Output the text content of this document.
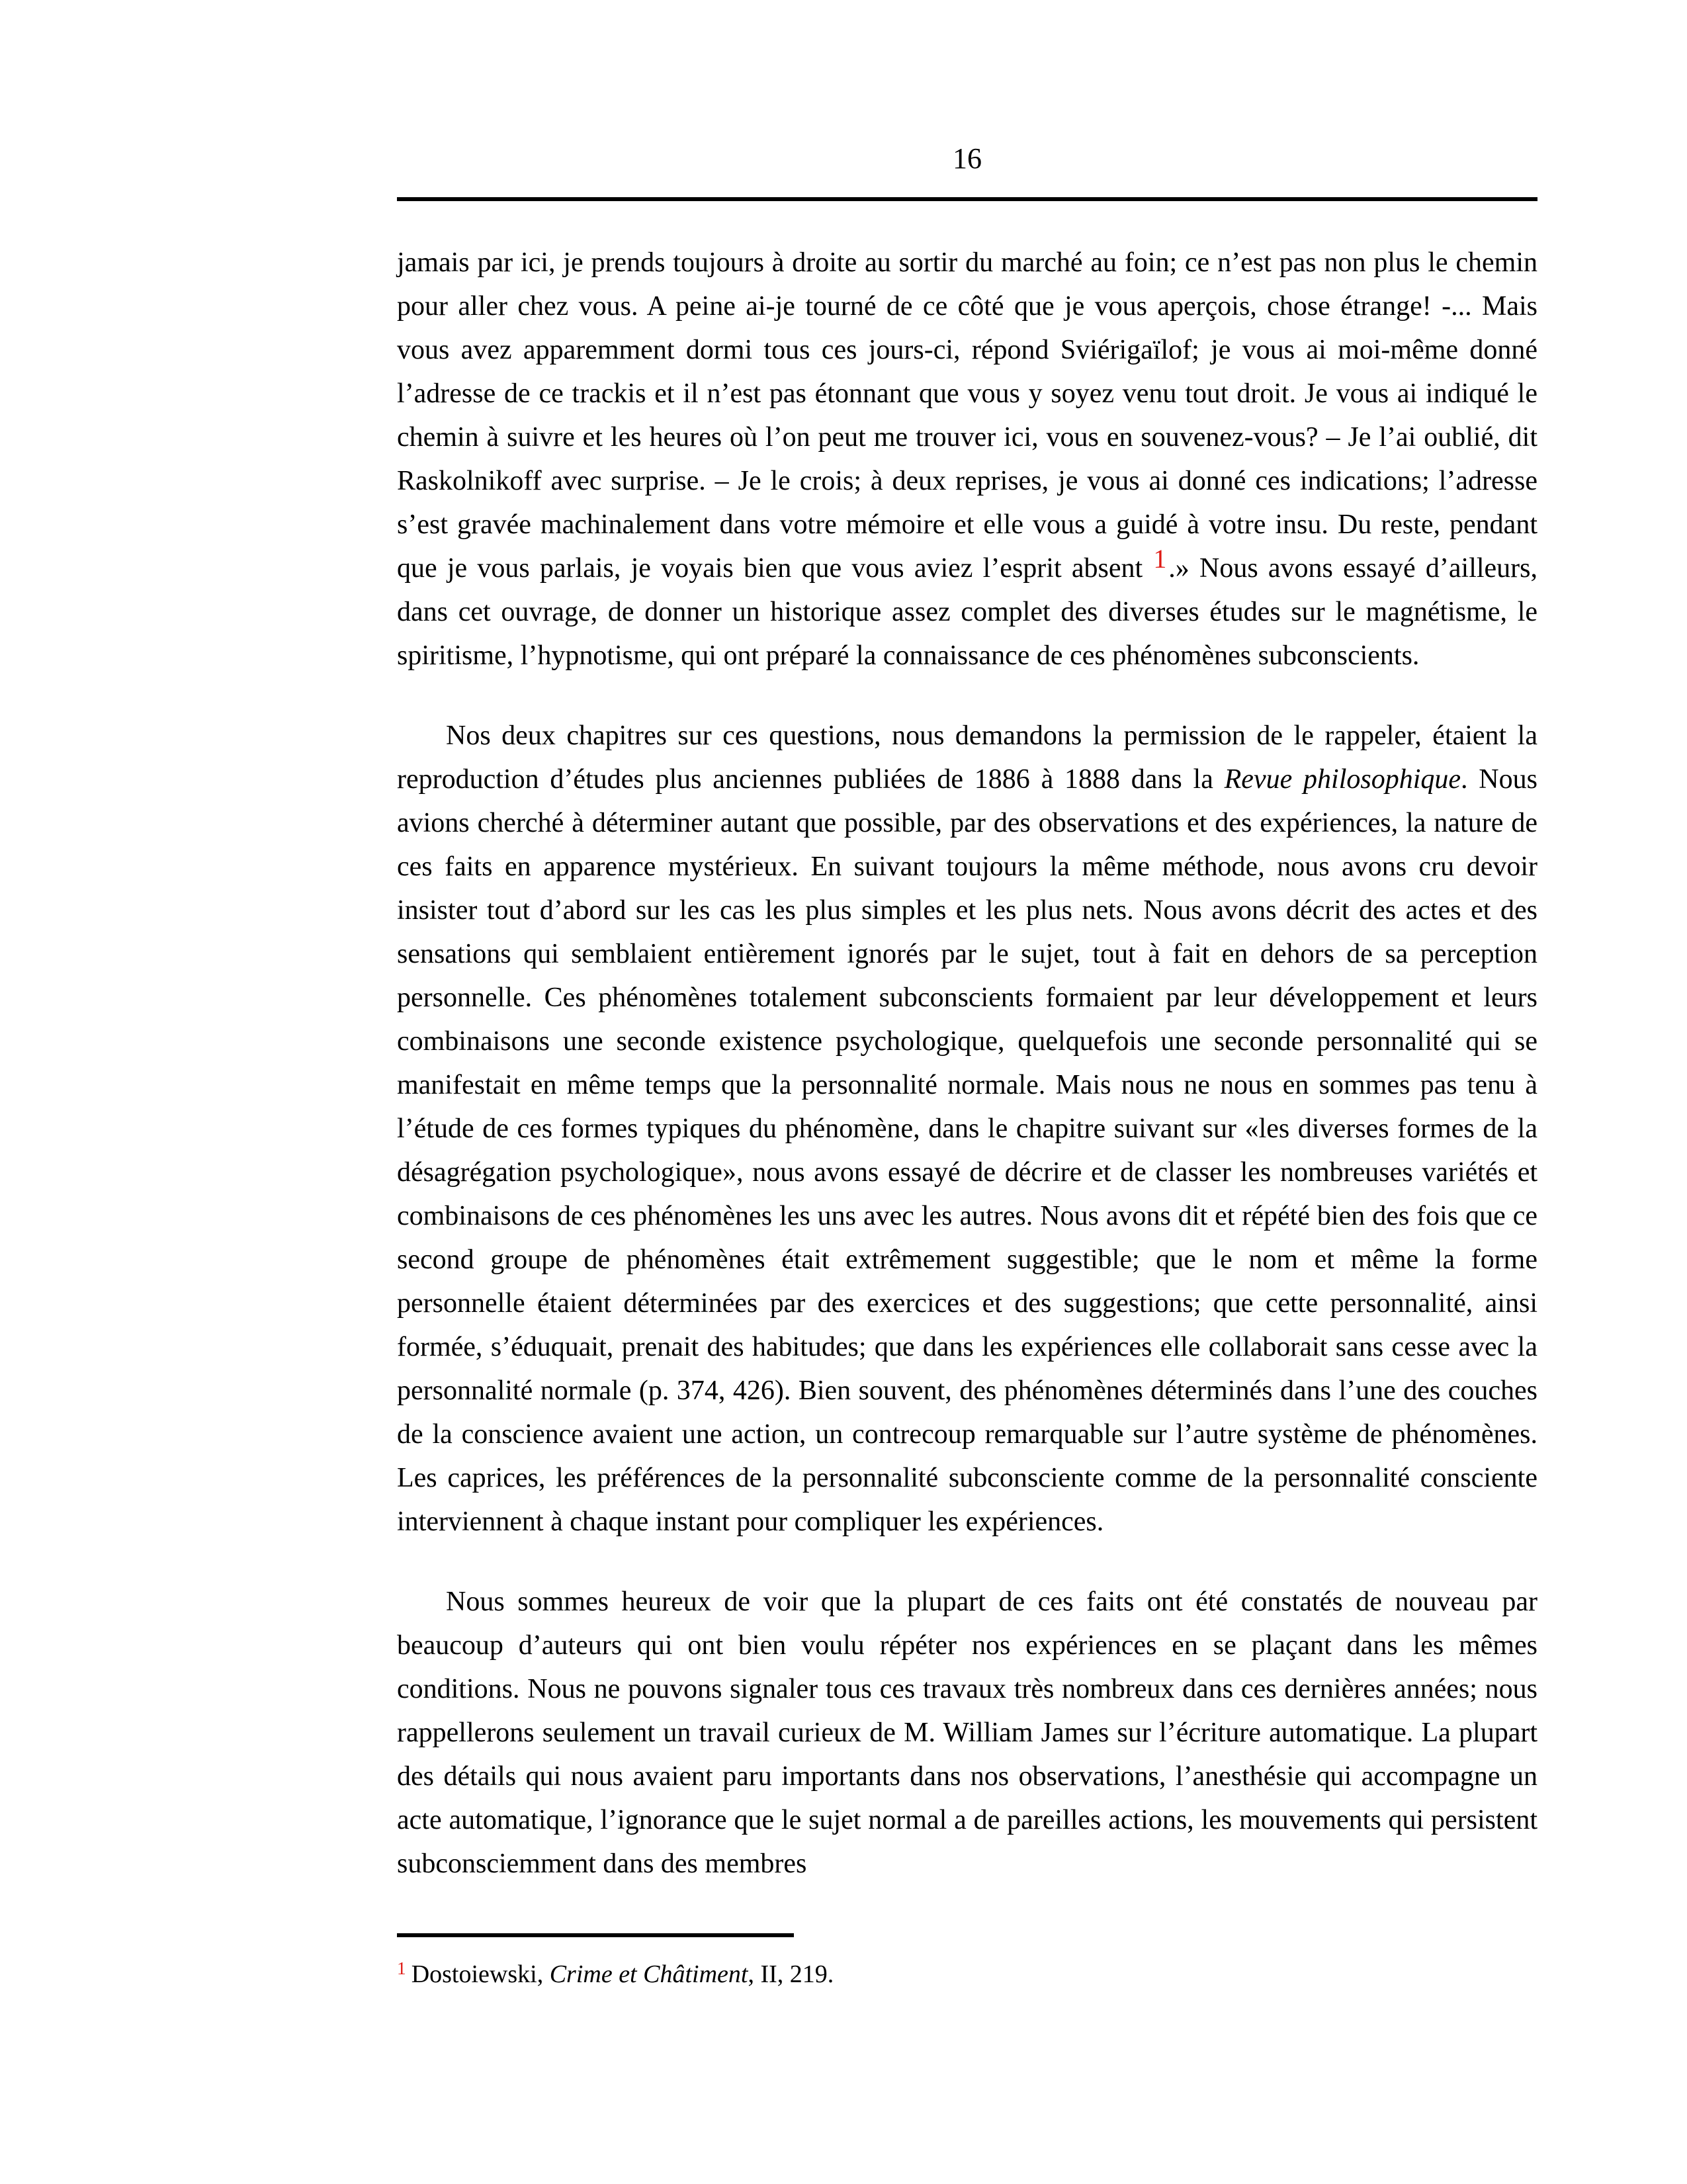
16

jamais par ici, je prends toujours à droite au sortir du marché au foin; ce n’est pas non plus le chemin pour aller chez vous. A peine ai-je tourné de ce côté que je vous aperçois, chose étrange! -... Mais vous avez apparemment dormi tous ces jours-ci, répond Sviérigaïlof; je vous ai moi-même donné l’adresse de ce trackis et il n’est pas étonnant que vous y soyez venu tout droit. Je vous ai indiqué le chemin à suivre et les heures où l’on peut me trouver ici, vous en souvenez-vous? – Je l’ai oublié, dit Raskolnikoff avec surprise. – Je le crois; à deux reprises, je vous ai donné ces indications; l’adresse s’est gravée machinalement dans votre mémoire et elle vous a guidé à votre insu. Du reste, pendant que je vous parlais, je voyais bien que vous aviez l’esprit absent 1.» Nous avons essayé d’ailleurs, dans cet ouvrage, de donner un historique assez complet des diverses études sur le magnétisme, le spiritisme, l’hypnotisme, qui ont préparé la connaissance de ces phénomènes subconscients.

Nos deux chapitres sur ces questions, nous demandons la permission de le rappeler, étaient la reproduction d’études plus anciennes publiées de 1886 à 1888 dans la Revue philosophique. Nous avions cherché à déterminer autant que possible, par des observations et des expériences, la nature de ces faits en apparence mystérieux. En suivant toujours la même méthode, nous avons cru devoir insister tout d’abord sur les cas les plus simples et les plus nets. Nous avons décrit des actes et des sensations qui semblaient entièrement ignorés par le sujet, tout à fait en dehors de sa perception personnelle. Ces phénomènes totalement subconscients formaient par leur développement et leurs combinaisons une seconde existence psychologique, quelquefois une seconde personnalité qui se manifestait en même temps que la personnalité normale. Mais nous ne nous en sommes pas tenu à l’étude de ces formes typiques du phénomène, dans le chapitre suivant sur «les diverses formes de la désagrégation psychologique», nous avons essayé de décrire et de classer les nombreuses variétés et combinaisons de ces phénomènes les uns avec les autres. Nous avons dit et répété bien des fois que ce second groupe de phénomènes était extrêmement suggestible; que le nom et même la forme personnelle étaient déterminées par des exercices et des suggestions; que cette personnalité, ainsi formée, s’éduquait, prenait des habitudes; que dans les expériences elle collaborait sans cesse avec la personnalité normale (p. 374, 426). Bien souvent, des phénomènes déterminés dans l’une des couches de la conscience avaient une action, un contrecoup remarquable sur l’autre système de phénomènes. Les caprices, les préférences de la personnalité subconsciente comme de la personnalité consciente interviennent à chaque instant pour compliquer les expériences.

Nous sommes heureux de voir que la plupart de ces faits ont été constatés de nouveau par beaucoup d’auteurs qui ont bien voulu répéter nos expériences en se plaçant dans les mêmes conditions. Nous ne pouvons signaler tous ces travaux très nombreux dans ces dernières années; nous rappellerons seulement un travail curieux de M. William James sur l’écriture automatique. La plupart des détails qui nous avaient paru importants dans nos observations, l’anesthésie qui accompagne un acte automatique, l’ignorance que le sujet normal a de pareilles actions, les mouvements qui persistent subconsciemment dans des membres

$^1$ Dostoiewski, Crime et Châtiment, II, 219.
